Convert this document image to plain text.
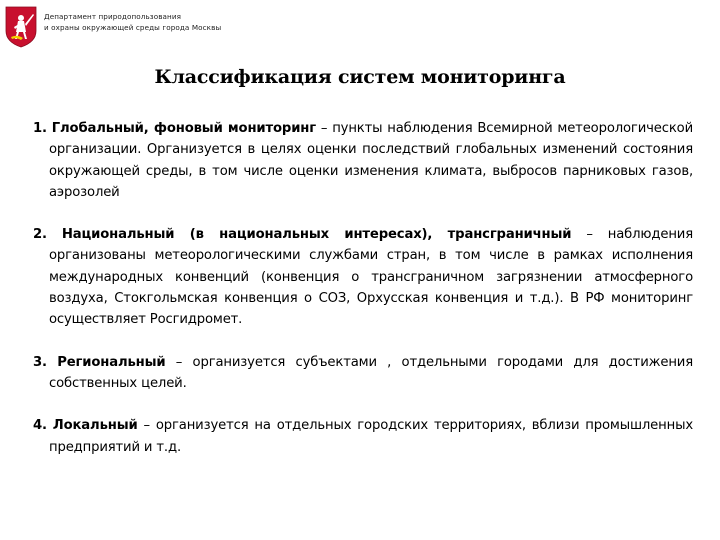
Департамент природопользования
и охраны окружающей среды города Москвы
Классификация систем мониторинга
1. Глобальный, фоновый мониторинг – пункты наблюдения Всемирной метеорологической организации. Организуется в целях оценки последствий глобальных изменений состояния окружающей среды, в том числе оценки изменения климата, выбросов парниковых газов, аэрозолей
2. Национальный (в национальных интересах), трансграничный – наблюдения организованы метеорологическими службами стран, в том числе в рамках исполнения международных конвенций (конвенция о трансграничном загрязнении атмосферного воздуха, Стокгольмская конвенция о СОЗ, Орхусская конвенция и т.д.). В РФ мониторинг осуществляет Росгидромет.
3. Региональный – организуется субъектами , отдельными городами для достижения собственных целей.
4. Локальный – организуется на отдельных городских территориях, вблизи промышленных предприятий и т.д.
